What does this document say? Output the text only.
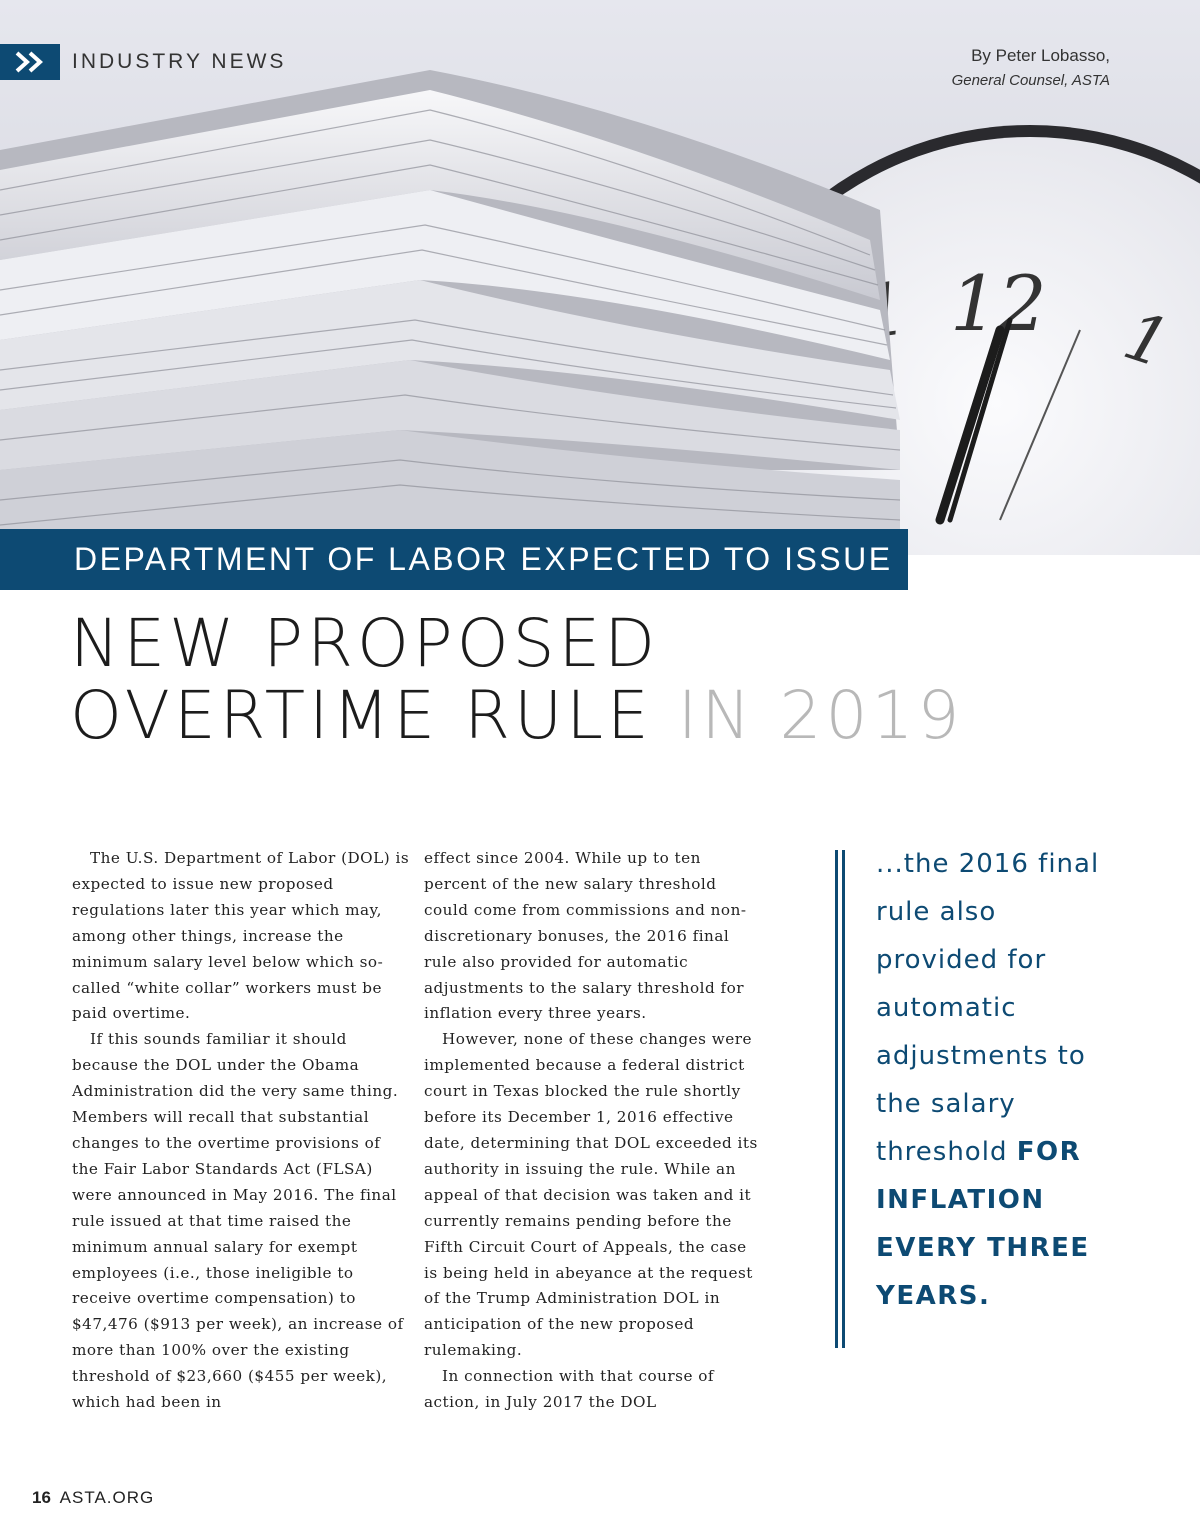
12 1
INDUSTRY NEWS	By Peter Lobasso,
General Counsel, ASTA
DEPARTMENT OF LABOR EXPECTED TO ISSUE
NEW PROPOSED
OVERTIME RULE IN 2019

The U.S. Department of Labor (DOL) is expected to issue new proposed regulations later this year which may, among other things, increase the minimum salary level below which so-called “white collar” workers must be paid overtime.

If this sounds familiar it should because the DOL under the Obama Administration did the very same thing. Members will recall that substantial changes to the overtime provisions of the Fair Labor Standards Act (FLSA) were announced in May 2016. The final rule issued at that time raised the minimum annual salary for exempt employees (i.e., those ineligible to receive overtime compensation) to $47,476 ($913 per week), an increase of more than 100% over the existing threshold of $23,660 ($455 per week), which had been in

effect since 2004. While up to ten percent of the new salary threshold could come from commissions and non-discretionary bonuses, the 2016 final rule also provided for automatic adjustments to the salary threshold for inflation every three years.

However, none of these changes were implemented because a federal district court in Texas blocked the rule shortly before its December 1, 2016 effective date, determining that DOL exceeded its authority in issuing the rule. While an appeal of that decision was taken and it currently remains pending before the Fifth Circuit Court of Appeals, the case is being held in abeyance at the request of the Trump Administration DOL in anticipation of the new proposed rulemaking.

In connection with that course of action, in July 2017 the DOL

...the 2016 final rule also provided for automatic adjustments to the salary threshold FOR INFLATION EVERY THREE YEARS.
16 ASTA.ORG
